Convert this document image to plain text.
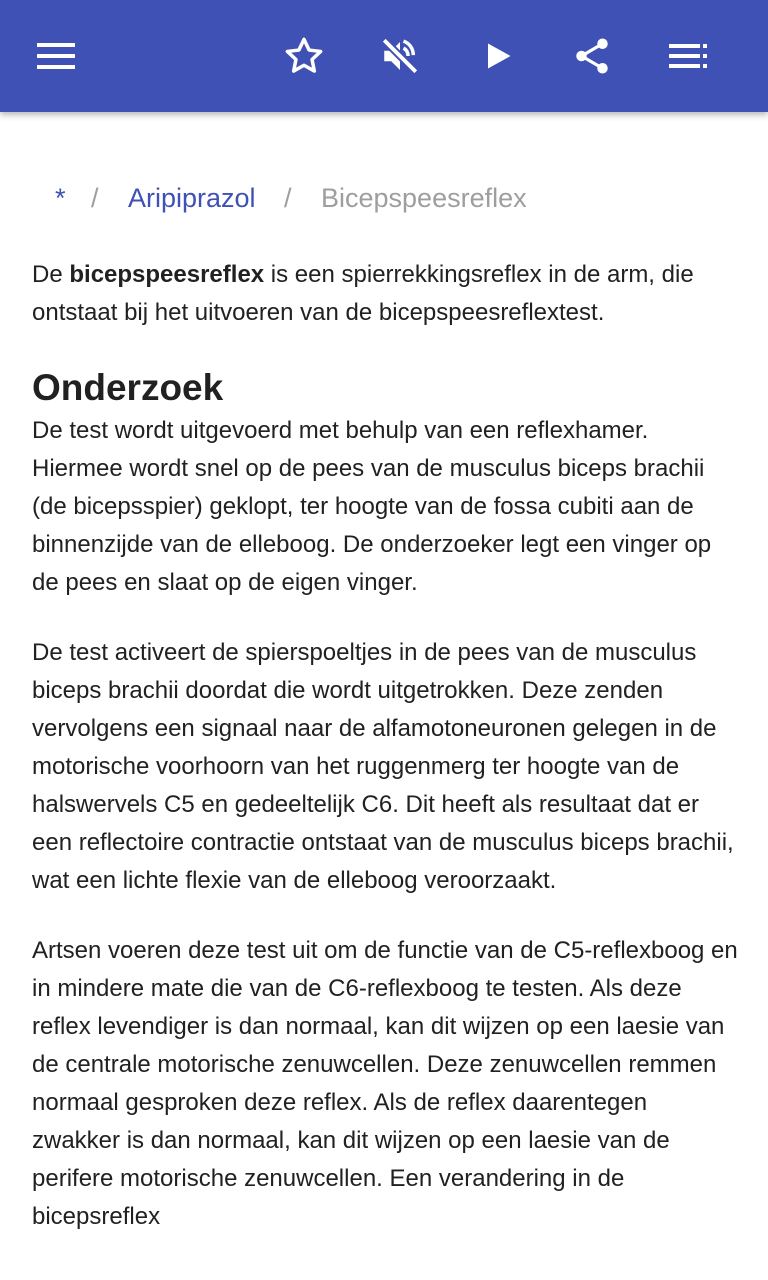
* / Aripiprazol / Bicepspeesreflex

De bicepspeesreflex is een spierrekkingsreflex in de arm, die ontstaat bij het uitvoeren van de bicepspeesreflextest.

Onderzoek

De test wordt uitgevoerd met behulp van een reflexhamer. Hiermee wordt snel op de pees van de musculus biceps brachii (de bicepsspier) geklopt, ter hoogte van de fossa cubiti aan de binnenzijde van de elleboog. De onderzoeker legt een vinger op de pees en slaat op de eigen vinger.

De test activeert de spierspoeltjes in de pees van de musculus biceps brachii doordat die wordt uitgetrokken. Deze zenden vervolgens een signaal naar de alfamotoneuronen gelegen in de motorische voorhoorn van het ruggenmerg ter hoogte van de halswervels C5 en gedeeltelijk C6. Dit heeft als resultaat dat er een reflectoire contractie ontstaat van de musculus biceps brachii, wat een lichte flexie van de elleboog veroorzaakt.

Artsen voeren deze test uit om de functie van de C5-reflexboog en in mindere mate die van de C6-reflexboog te testen. Als deze reflex levendiger is dan normaal, kan dit wijzen op een laesie van de centrale motorische zenuwcellen. Deze zenuwcellen remmen normaal gesproken deze reflex. Als de reflex daarentegen zwakker is dan normaal, kan dit wijzen op een laesie van de perifere motorische zenuwcellen. Een verandering in de bicepsreflex
